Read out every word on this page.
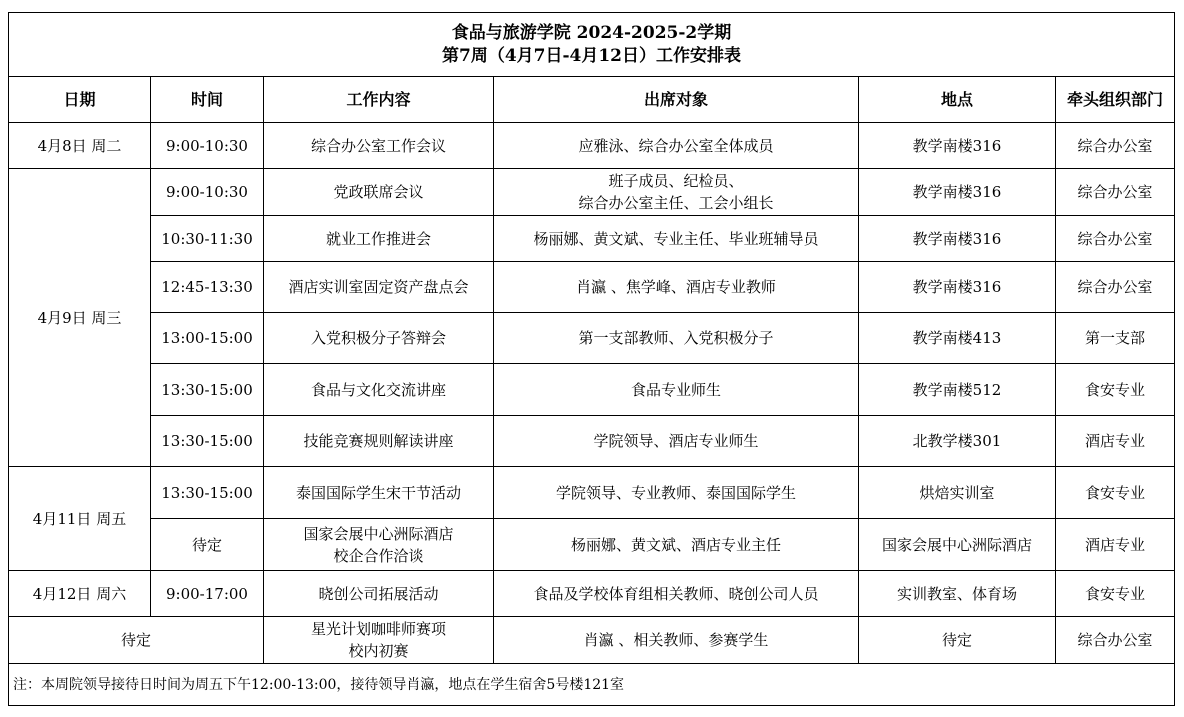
食品与旅游学院 2024-2025-2学期
第7周（4月7日-4月12日）工作安排表					

日期	时间	工作内容	出席对象	地点	牵头组织部门
4月8日 周二	9:00-10:30	综合办公室工作会议	应雅泳、综合办公室全体成员	教学南楼316	综合办公室
4月9日 周三	9:00-10:30	党政联席会议	班子成员、纪检员、
综合办公室主任、工会小组长	教学南楼316	综合办公室
	10:30-11:30	就业工作推进会	杨丽娜、黄文斌、专业主任、毕业班辅导员	教学南楼316	综合办公室
	12:45-13:30	酒店实训室固定资产盘点会	肖瀛 、焦学峰、酒店专业教师	教学南楼316	综合办公室
	13:00-15:00	入党积极分子答辩会	第一支部教师、入党积极分子	教学南楼413	第一支部
	13:30-15:00	食品与文化交流讲座	食品专业师生	教学南楼512	食安专业
	13:30-15:00	技能竞赛规则解读讲座	学院领导、酒店专业师生	北教学楼301	酒店专业
4月11日 周五	13:30-15:00	泰国国际学生宋干节活动	学院领导、专业教师、泰国国际学生	烘焙实训室	食安专业
	待定	国家会展中心洲际酒店
校企合作洽谈	杨丽娜、黄文斌、酒店专业主任	国家会展中心洲际酒店	酒店专业
4月12日 周六	9:00-17:00	晓创公司拓展活动	食品及学校体育组相关教师、晓创公司人员	实训教室、体育场	食安专业
待定		星光计划咖啡师赛项
校内初赛	肖瀛 、相关教师、参赛学生	待定	综合办公室
注：本周院领导接待日时间为周五下午12:00-13:00，接待领导肖瀛，地点在学生宿舍5号楼121室					
